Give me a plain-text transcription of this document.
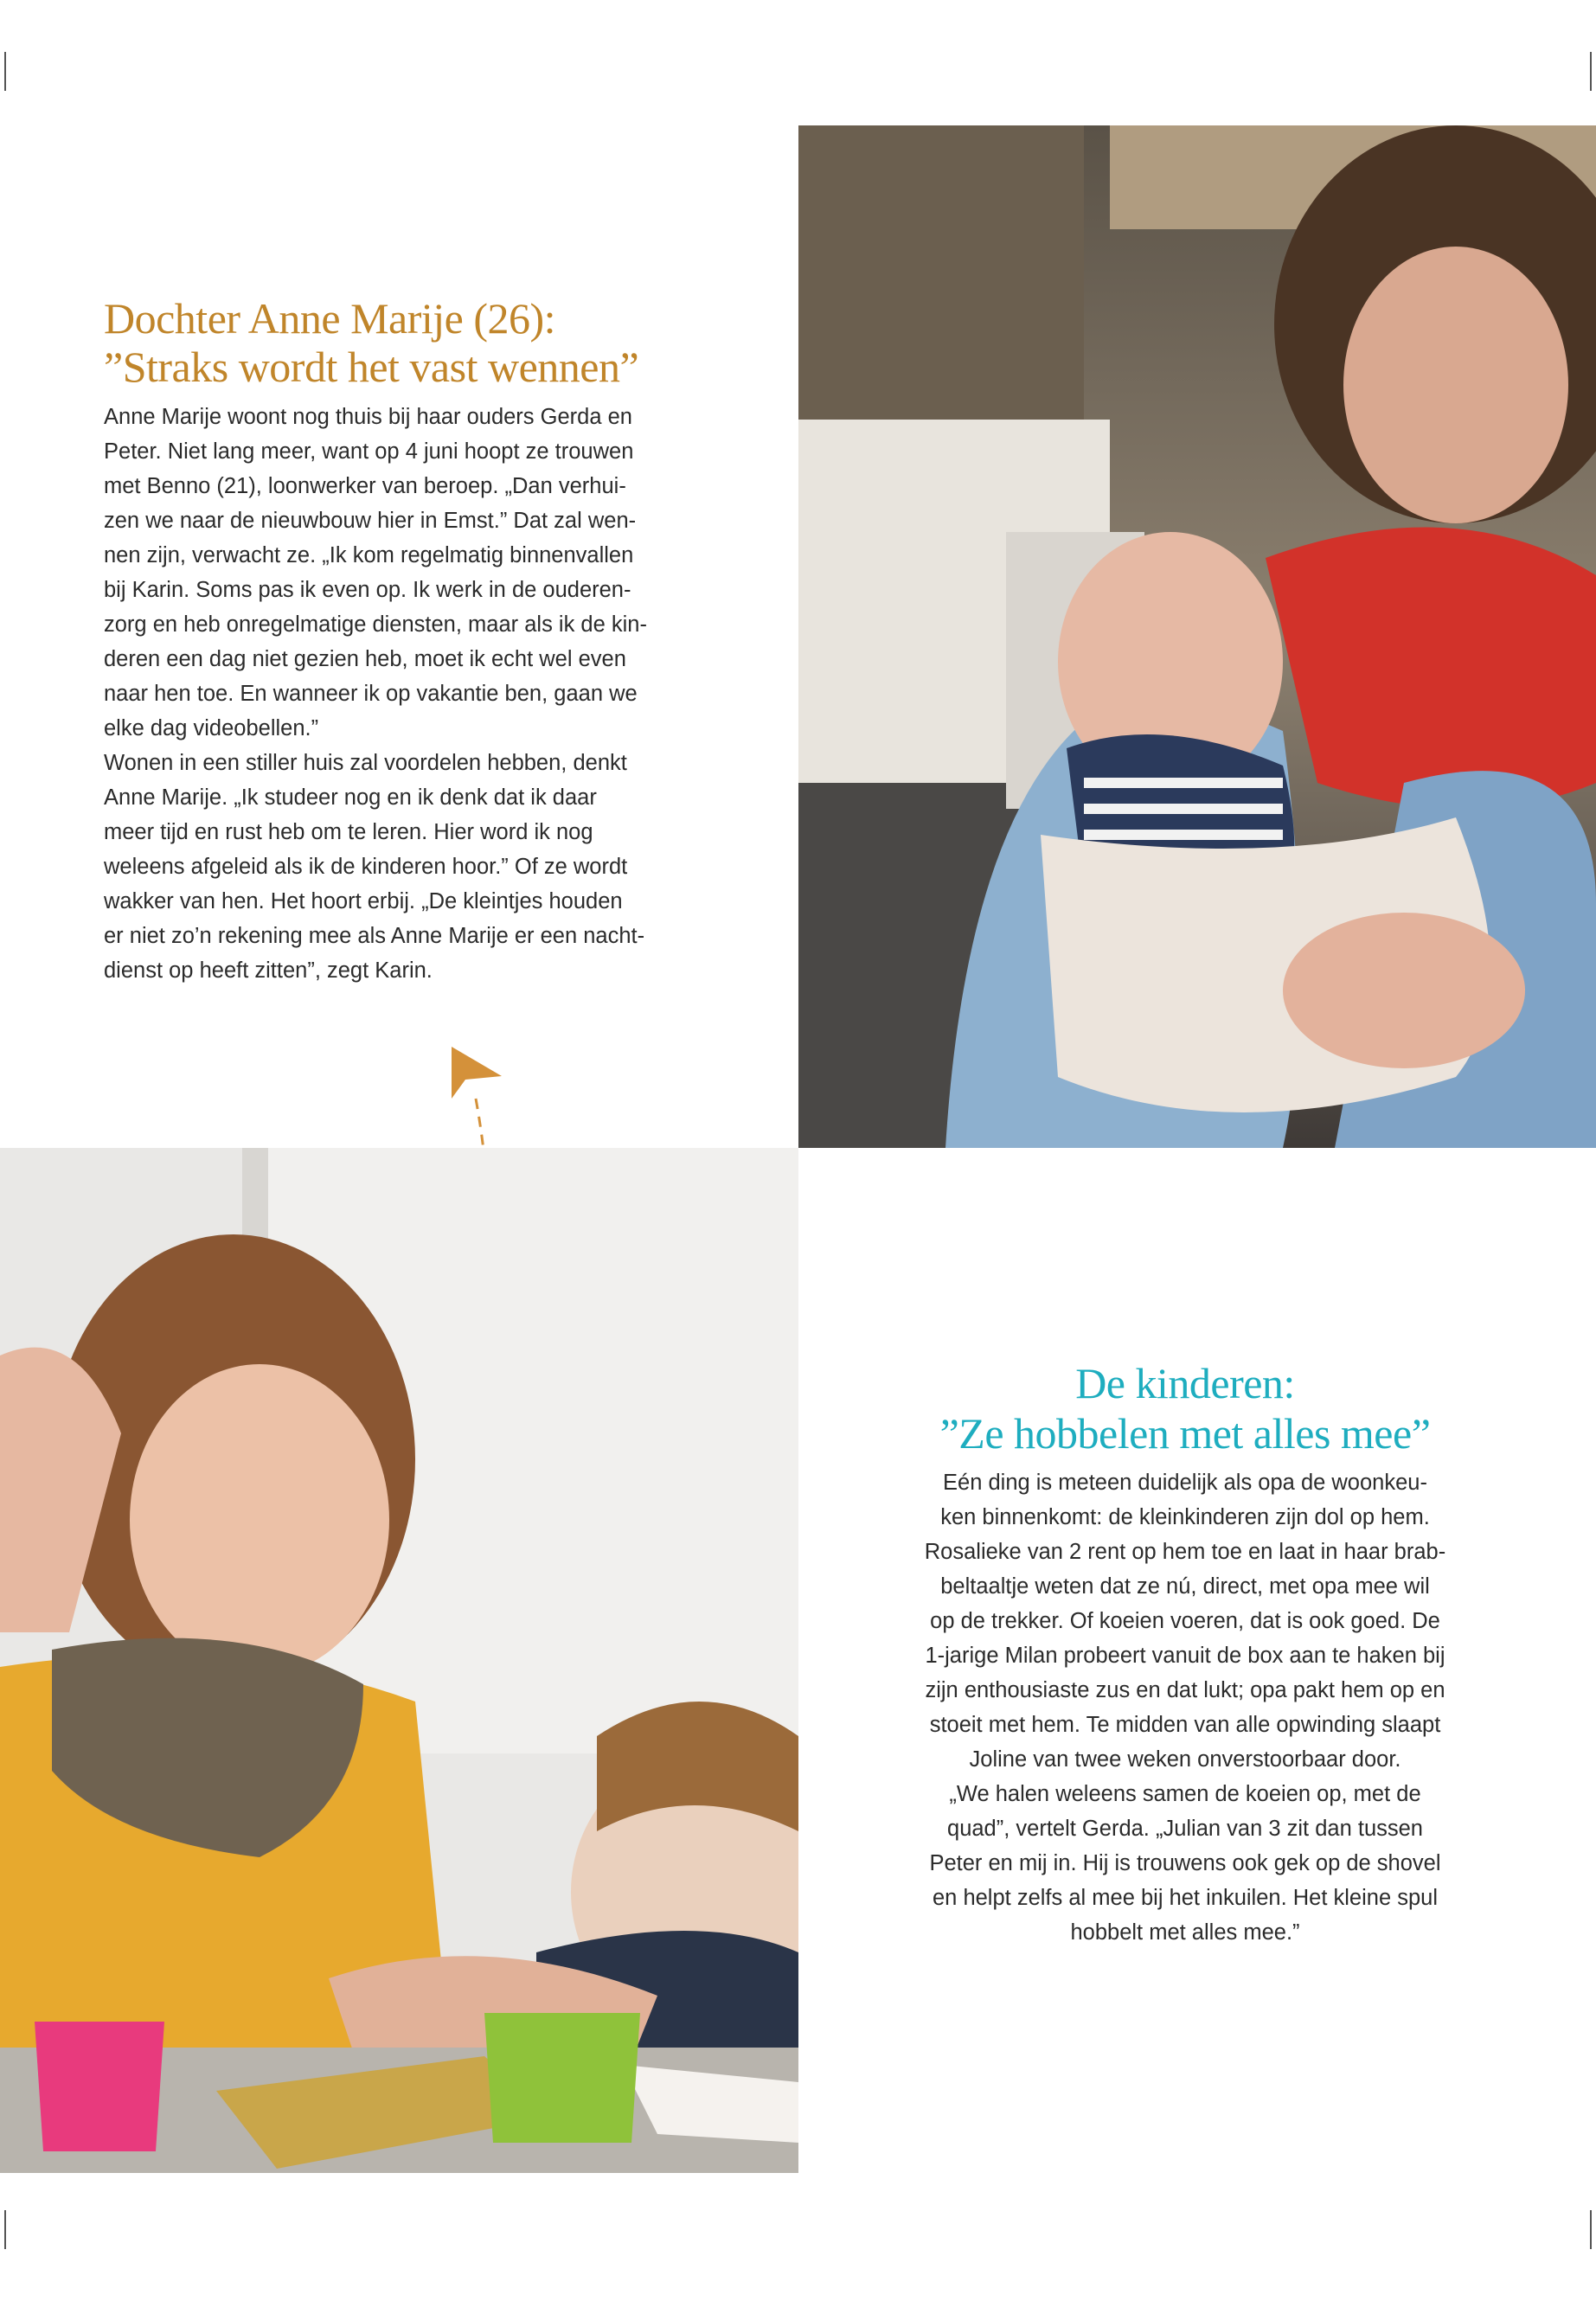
Dochter Anne Marije (26):
”Straks wordt het vast wennen”
Anne Marije woont nog thuis bij haar ouders Gerda en
Peter. Niet lang meer, want op 4 juni hoopt ze trouwen
met Benno (21), loonwerker van beroep. „Dan verhui-
zen we naar de nieuwbouw hier in Emst.” Dat zal wen-
nen zijn, verwacht ze. „Ik kom regelmatig binnenvallen
bij Karin. Soms pas ik even op. Ik werk in de ouderen-
zorg en heb onregelmatige diensten, maar als ik de kin-
deren een dag niet gezien heb, moet ik echt wel even
naar hen toe. En wanneer ik op vakantie ben, gaan we
elke dag videobellen.”
Wonen in een stiller huis zal voordelen hebben, denkt
Anne Marije. „Ik studeer nog en ik denk dat ik daar
meer tijd en rust heb om te leren. Hier word ik nog
weleens afgeleid als ik de kinderen hoor.” Of ze wordt
wakker van hen. Het hoort erbij. „De kleintjes houden
er niet zo’n rekening mee als Anne Marije er een nacht-
dienst op heeft zitten”, zegt Karin.
De kinderen:
”Ze hobbelen met alles mee”
Eén ding is meteen duidelijk als opa de woonkeu-
ken binnenkomt: de kleinkinderen zijn dol op hem.
Rosalieke van 2 rent op hem toe en laat in haar brab-
beltaaltje weten dat ze nú, direct, met opa mee wil
op de trekker. Of koeien voeren, dat is ook goed. De
1-jarige Milan probeert vanuit de box aan te haken bij
zijn enthousiaste zus en dat lukt; opa pakt hem op en
stoeit met hem. Te midden van alle opwinding slaapt
Joline van twee weken onverstoorbaar door.
„We halen weleens samen de koeien op, met de
quad”, vertelt Gerda. „Julian van 3 zit dan tussen
Peter en mij in. Hij is trouwens ook gek op de shovel
en helpt zelfs al mee bij het inkuilen. Het kleine spul
hobbelt met alles mee.”
